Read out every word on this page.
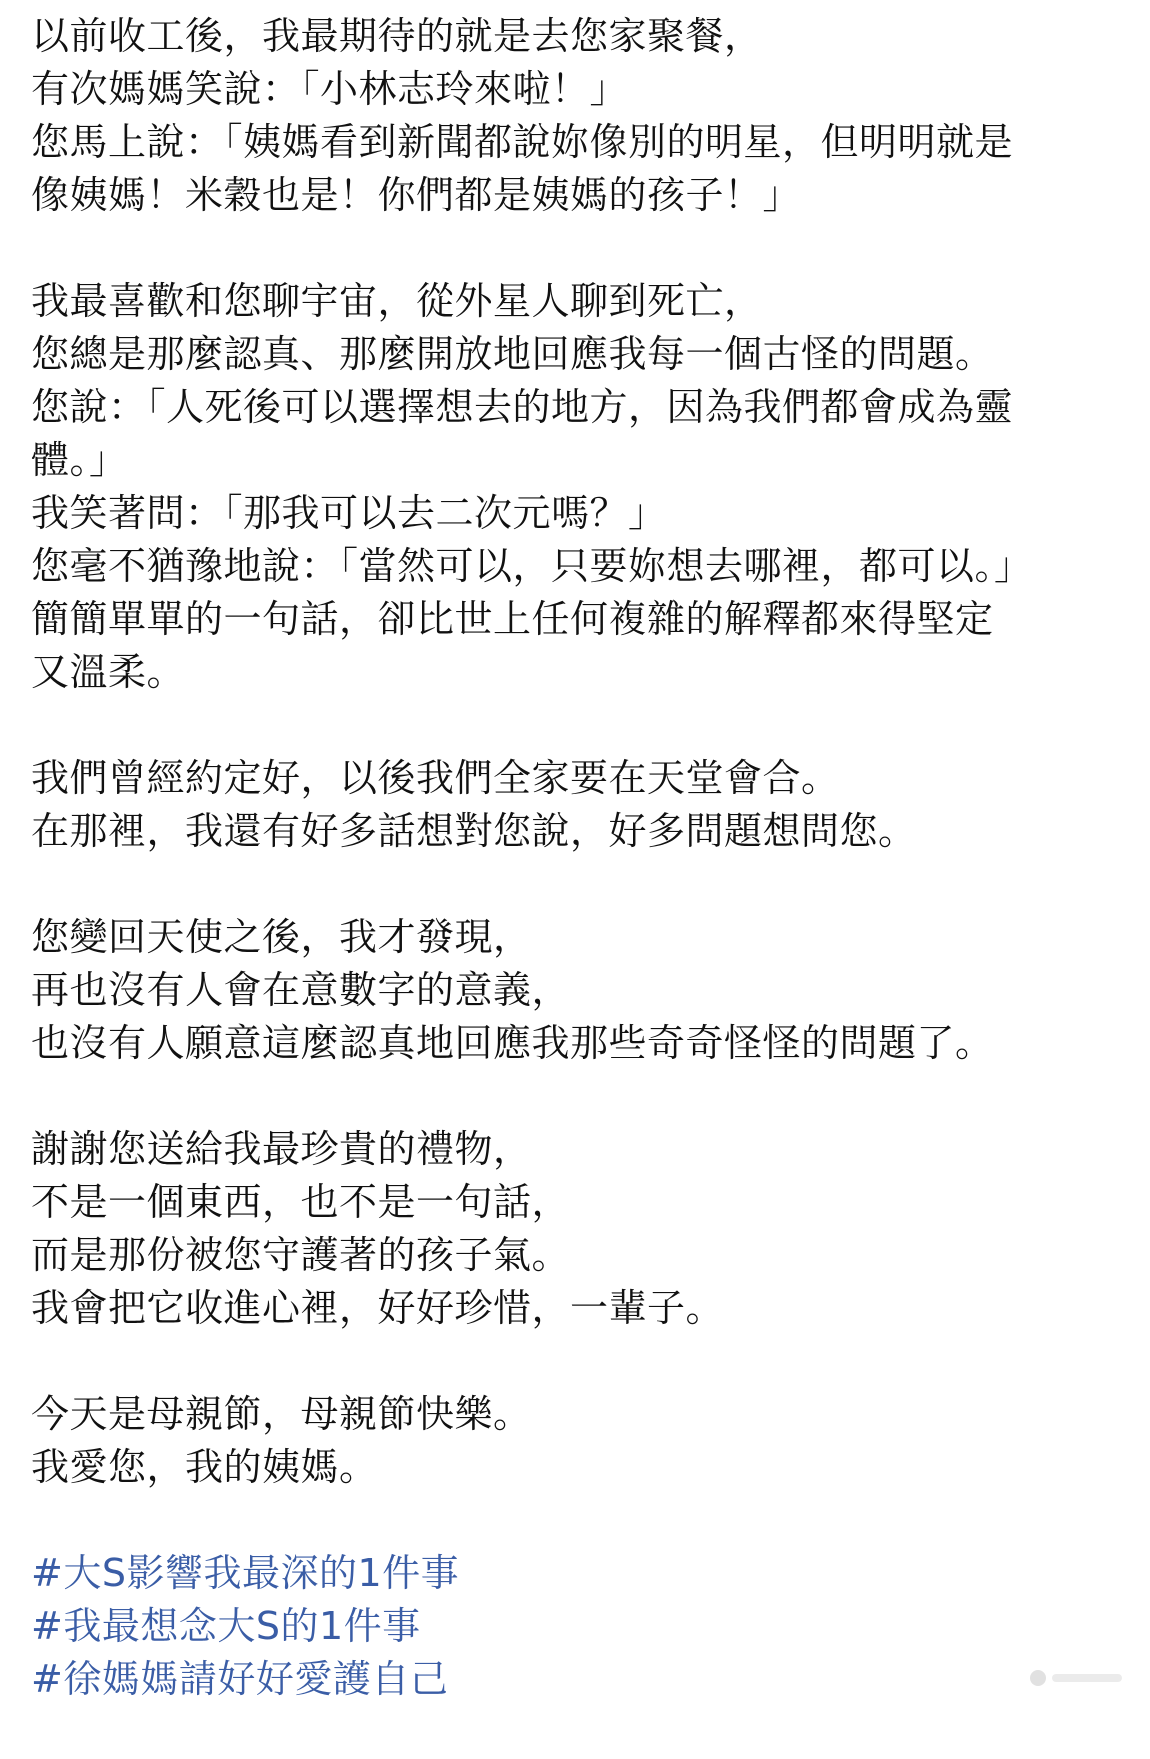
以前收工後，我最期待的就是去您家聚餐，
有次媽媽笑說：「小林志玲來啦！」
您馬上說：「姨媽看到新聞都說妳像別的明星，但明明就是
像姨媽！米穀也是！你們都是姨媽的孩子！」
我最喜歡和您聊宇宙，從外星人聊到死亡，
您總是那麼認真、那麼開放地回應我每一個古怪的問題。
您說：「人死後可以選擇想去的地方，因為我們都會成為靈
體。」
我笑著問：「那我可以去二次元嗎？」
您毫不猶豫地說：「當然可以，只要妳想去哪裡，都可以。」
簡簡單單的一句話，卻比世上任何複雜的解釋都來得堅定
又溫柔。
我們曾經約定好，以後我們全家要在天堂會合。
在那裡，我還有好多話想對您說，好多問題想問您。
您變回天使之後，我才發現，
再也沒有人會在意數字的意義，
也沒有人願意這麼認真地回應我那些奇奇怪怪的問題了。
謝謝您送給我最珍貴的禮物，
不是一個東西，也不是一句話，
而是那份被您守護著的孩子氣。
我會把它收進心裡，好好珍惜，一輩子。
今天是母親節，母親節快樂。
我愛您，我的姨媽。
#大S影響我最深的1件事
#我最想念大S的1件事
#徐媽媽請好好愛護自己
